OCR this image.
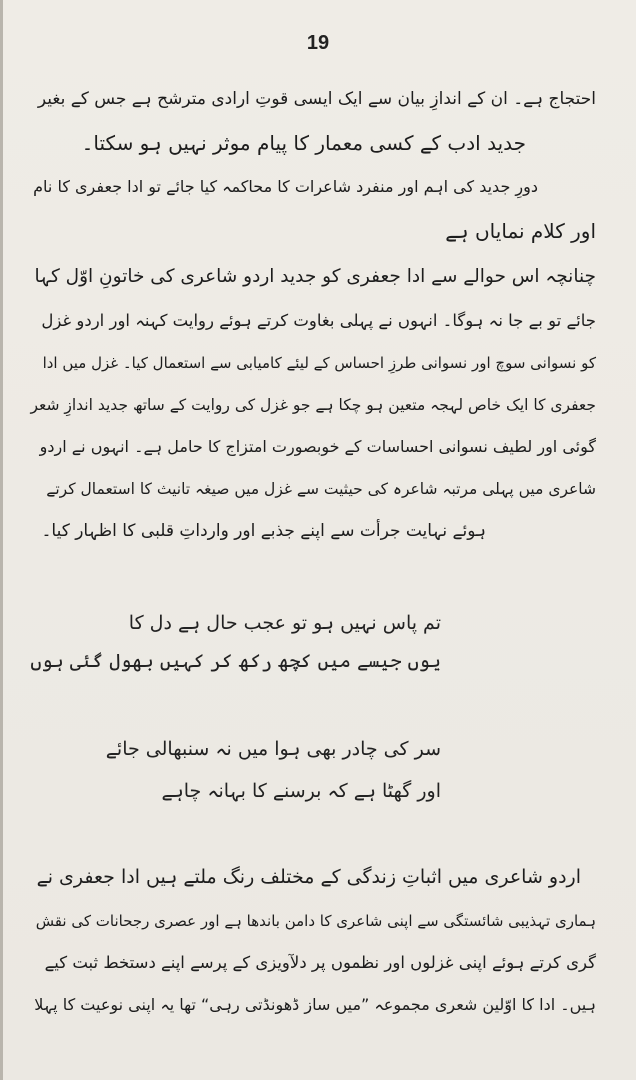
19
احتجاج ہے۔ ان کے اندازِ بیان سے ایک ایسی قوتِ ارادی مترشح ہے جس کے بغیر
جدید ادب کے کسی معمار کا پیام موثر نہیں ہو سکتا۔
دورِ جدید کی اہم اور منفرد شاعرات کا محاکمہ کیا جائے تو ادا جعفری کا نام
اور کلام نمایاں ہے
چنانچہ اس حوالے سے ادا جعفری کو جدید اردو شاعری کی خاتونِ اوّل کہا
جائے تو بے جا نہ ہوگا۔ انہوں نے پہلی بغاوت کرتے ہوئے روایت کہنہ اور اردو غزل
کو نسوانی سوچ اور نسوانی طرزِ احساس کے لیئے کامیابی سے استعمال کیا۔ غزل میں ادا
جعفری کا ایک خاص لہجہ متعین ہو چکا ہے جو غزل کی روایت کے ساتھ جدید اندازِ شعر
گوئی اور لطیف نسوانی احساسات کے خوبصورت امتزاج کا حامل ہے۔ انہوں نے اردو
شاعری میں پہلی مرتبہ شاعرہ کی حیثیت سے غزل میں صیغہ تانیث کا استعمال کرتے
ہوئے نہایت جرأت سے اپنے جذبے اور وارداتِ قلبی کا اظہار کیا۔
تم پاس نہیں ہو تو عجب حال ہے دل کا
یوں جیسے میں کچھ رکھ کر کہیں بھول گئی ہوں
سر کی چادر بھی ہوا میں نہ سنبھالی جائے
اور گھٹا ہے کہ برسنے کا بہانہ چاہے
اردو شاعری میں اثباتِ زندگی کے مختلف رنگ ملتے ہیں ادا جعفری نے
ہماری تہذیبی شائستگی سے اپنی شاعری کا دامن باندھا ہے اور عصری رجحانات کی نقش
گری کرتے ہوئے اپنی غزلوں اور نظموں پر دلآویزی کے پرسے اپنے دستخط ثبت کیے
ہیں۔ ادا کا اوّلین شعری مجموعہ ”میں ساز ڈھونڈتی رہی“ تھا یہ اپنی نوعیت کا پہلا
